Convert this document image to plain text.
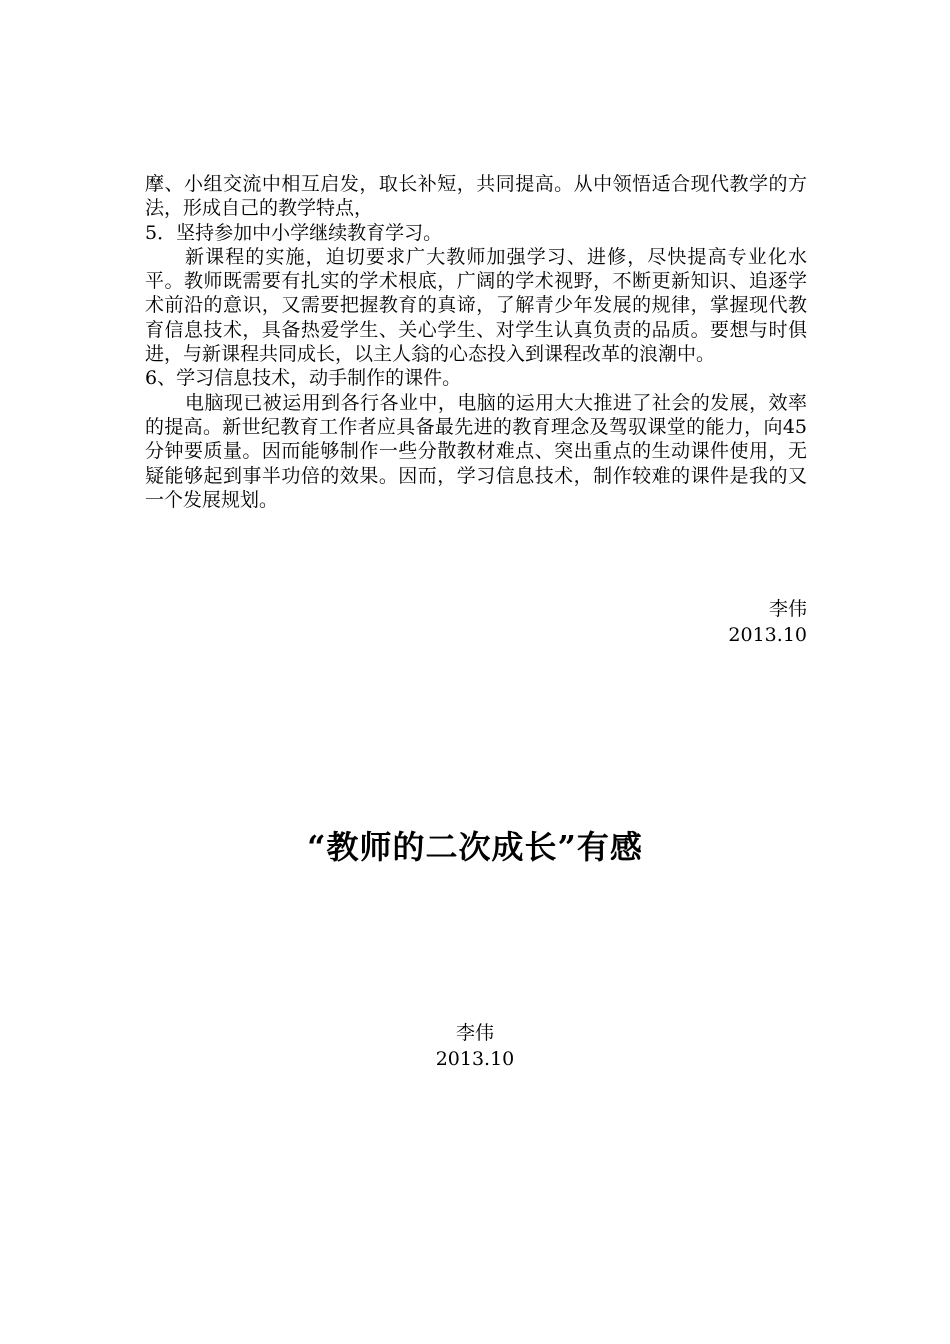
摩、小组交流中相互启发，取长补短，共同提高。从中领悟适合现代教学的方法，形成自己的教学特点，

5．坚持参加中小学继续教育学习。

新课程的实施，迫切要求广大教师加强学习、进修，尽快提高专业化水平。教师既需要有扎实的学术根底，广阔的学术视野，不断更新知识、追逐学术前沿的意识，又需要把握教育的真谛，了解青少年发展的规律，掌握现代教育信息技术，具备热爱学生、关心学生、对学生认真负责的品质。要想与时俱进，与新课程共同成长，以主人翁的心态投入到课程改革的浪潮中。

6、学习信息技术，动手制作的课件。

电脑现已被运用到各行各业中，电脑的运用大大推进了社会的发展，效率的提高。新世纪教育工作者应具备最先进的教育理念及驾驭课堂的能力，向45分钟要质量。因而能够制作一些分散教材难点、突出重点的生动课件使用，无疑能够起到事半功倍的效果。因而，学习信息技术，制作较难的课件是我的又一个发展规划。

李伟
2013.10
“教师的二次成长”有感
李伟
2013.10
